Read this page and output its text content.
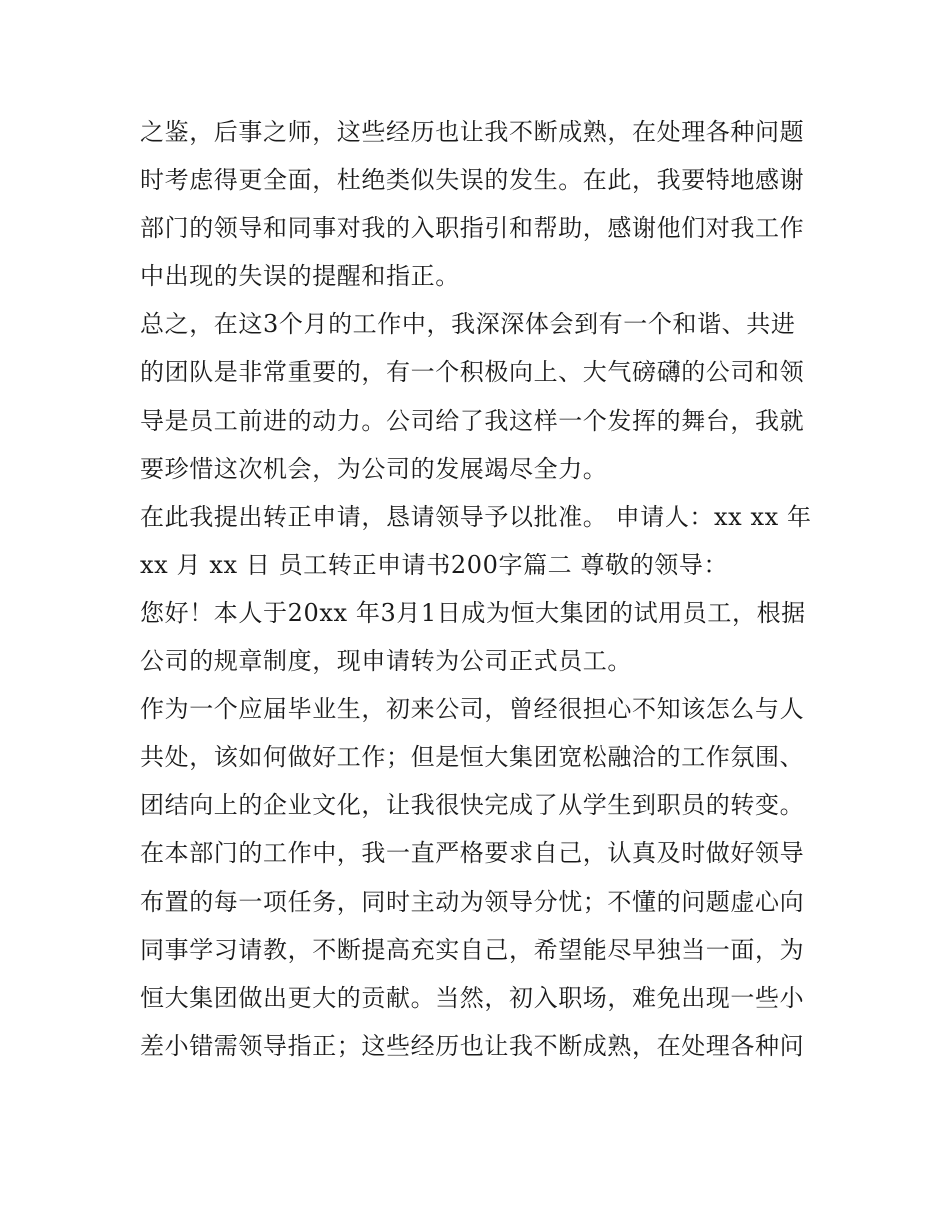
之鉴，后事之师，这些经历也让我不断成熟，在处理各种问题
时考虑得更全面，杜绝类似失误的发生。在此，我要特地感谢
部门的领导和同事对我的入职指引和帮助，感谢他们对我工作
中出现的失误的提醒和指正。
总之，在这3个月的工作中，我深深体会到有一个和谐、共进
的团队是非常重要的，有一个积极向上、大气磅礴的公司和领
导是员工前进的动力。公司给了我这样一个发挥的舞台，我就
要珍惜这次机会，为公司的发展竭尽全力。
在此我提出转正申请，恳请领导予以批准。 申请人：xx xx 年
xx 月 xx 日 员工转正申请书200字篇二 尊敬的领导：
您好！本人于20xx 年3月1日成为恒大集团的试用员工，根据
公司的规章制度，现申请转为公司正式员工。
作为一个应届毕业生，初来公司，曾经很担心不知该怎么与人
共处，该如何做好工作；但是恒大集团宽松融洽的工作氛围、
团结向上的企业文化，让我很快完成了从学生到职员的转变。
在本部门的工作中，我一直严格要求自己，认真及时做好领导
布置的每一项任务，同时主动为领导分忧；不懂的问题虚心向
同事学习请教，不断提高充实自己，希望能尽早独当一面，为
恒大集团做出更大的贡献。当然，初入职场，难免出现一些小
差小错需领导指正；这些经历也让我不断成熟，在处理各种问
